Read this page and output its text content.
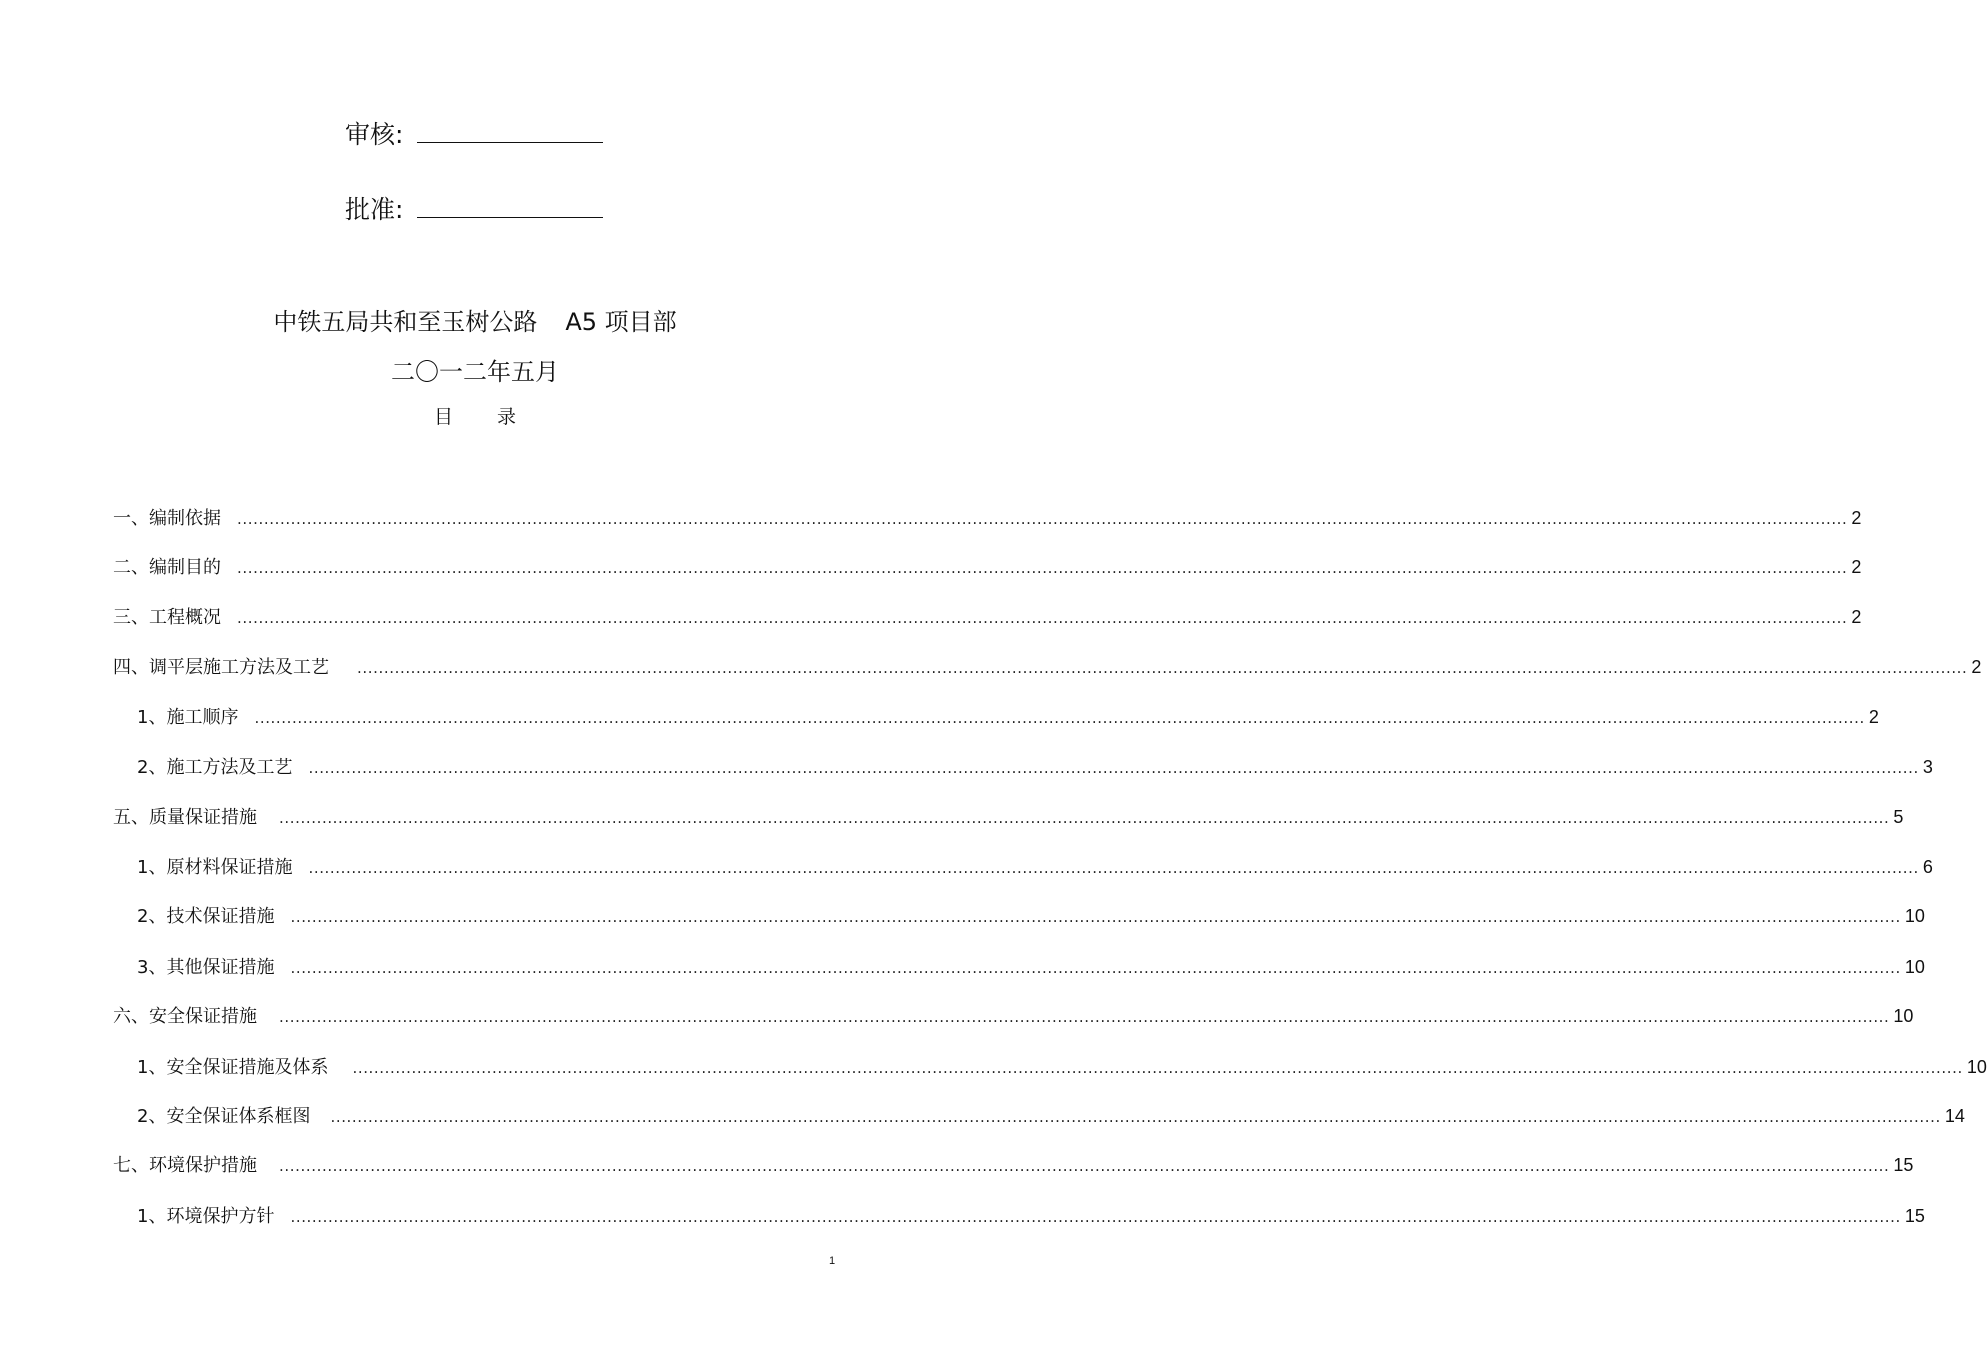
审核:
批准:
中铁五局共和至玉树公路 A5 项目部
二〇一二年五月
目 录
一、编制依据 ............................................................................................................................................................................................................................................................................................................ 2
二、编制目的 ............................................................................................................................................................................................................................................................................................................ 2
三、工程概况 ............................................................................................................................................................................................................................................................................................................ 2
四、调平层施工方法及工艺 ............................................................................................................................................................................................................................................................................................................ 2
1、施工顺序 ............................................................................................................................................................................................................................................................................................................ 2
2、施工方法及工艺 ............................................................................................................................................................................................................................................................................................................ 3
五、质量保证措施 ............................................................................................................................................................................................................................................................................................................ 5
1、原材料保证措施 ............................................................................................................................................................................................................................................................................................................ 6
2、技术保证措施 ............................................................................................................................................................................................................................................................................................................ 10
3、其他保证措施 ............................................................................................................................................................................................................................................................................................................ 10
六、安全保证措施 ............................................................................................................................................................................................................................................................................................................ 10
1、安全保证措施及体系 ............................................................................................................................................................................................................................................................................................................ 10
2、安全保证体系框图 ............................................................................................................................................................................................................................................................................................................ 14
七、环境保护措施 ............................................................................................................................................................................................................................................................................................................ 15
1、环境保护方针 ............................................................................................................................................................................................................................................................................................................ 15
1
